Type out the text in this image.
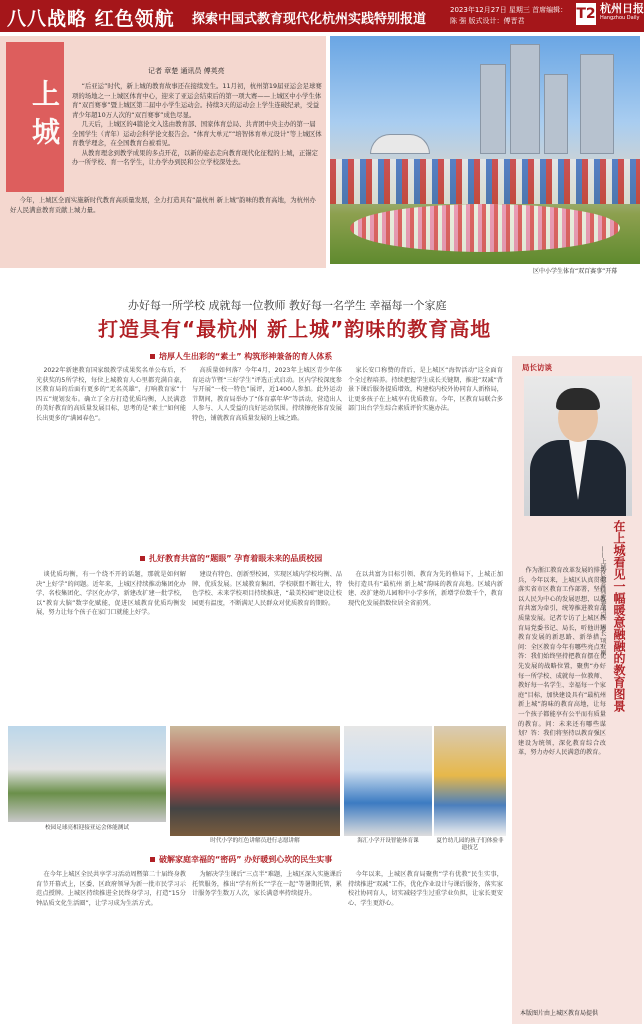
八八战略 红色领航 探索中国式教育现代化杭州实践特别报道
2023年12月27日 星期三 首席编辑：陈 强 版式设计：傅晋君	T2 杭州日报
Hangzhou Daily
上城
记者 章楚 通讯员 傅英亮

“后亚运”时代，新上城的教育故事还在接续发生。11月初，杭州第19届亚运会足球赛项的场地之一上城区体育中心，迎来了亚运会结束后的第一项大赛——上城区中小学生体育“双百赛事”暨上城区第二届中小学生运动会。持续3天的运动会上学生连破纪录，受益青少年超10万人次的“双百赛事”成色尽显。

几天后，上城区的4篇论文入选由教育部、国家体育总局、共青团中央主办的第一届全国学生（青年）运动会科学论文报告会。“体育大单元”“培智体育单元设计”等上城区体育教学理念，在全国教育台被看见。

从教育理念到教学成果的多点开花，以新的姿态走向教育现代化征程的上城，正锚定办一所学校、育一名学生，让办学办到民和公立学校深处去。

今年，上城区全面实施新时代教育高质量发展，全力打造具有“最杭州 新上城”韵味的教育高地，为杭州办好人民满意教育贡献上城力量。

区中小学生体育“双百赛事”开幕
办好每一所学校 成就每一位教师 教好每一名学生 幸福每一个家庭
打造具有“最杭州 新上城”韵味的教育高地
培厚人生出彩的“素土” 构筑形神兼备的育人体系
2022年新建教育国家级教学成果奖名单公布后，不光获奖的5所学校，每位上城教育人心里都充满自豪，区教育局的后面有更多的“无名英雄”，打响教育家“十四五”规划发布。确立了全方打造优质均衡，人民满意的美好教育的高质量发展目标，思考的是“素土”如何能长出更多的“满园春色”。
高质量如何落？今年4月，2023年上城区青少年体育运动节暨“三好学生”评选正式启动。区内学校深度参与开展“一校一特色”展评，近1400人参加。此外运动节期间，教育局举办了“体育嘉年华”等活动，营造出人人参与、人人受益的良好运动氛围。持续擦亮体育发展特色，铺就教育高质量发展的上城之路。
家长安口称赞的背后，是上城区“海智活动”这全面育个全过程培养。持续把握学生成长关键期，推进“双减”背景下课后服务提质增效，构建校内校外协同育人新格局，让更多孩子在上城享有优质教育。今年，区教育局联合多部门出台学生综合素质评价实施办法。
扎好教育共富的“题眼” 孕育着眼未来的品质校园
谈优质均衡，有一个绕不开的话题，那就是如何解决“上好学”的问题。近年来，上城区持续推动集团化办学、名校集团化、学区化办学，新建改扩建一批学校，以“教育大脑”数字化赋能，促进区域教育优质均衡发展，努力让每个孩子在家门口就能上好学。
建设有特色、创新型校园，实现区域内学校均衡、品牌、优质发展。区域教育集团、学校联盟不断壮大，特色学校、未来学校项目持续推进，“最美校园”建设让校园更有温度，不断满足人民群众对优质教育的期盼。
在以共富为目标引领、教育为先的格局下，上城正加快打造具有“最杭州 新上城”韵味的教育高地。区域内新建、改扩建幼儿园和中小学多所，新增学位数千个，教育现代化发展指数位居全省前列。
校园足球亮相迎接亚运会体能测试
时代小学的红色讲解员进行志愿讲解	海汇小学开设智能体育课	夏竹幼儿园的孩子们体验非遗技艺
破解家庭幸福的“密码” 办好暖到心坎的民生实事
在今年上城区全民共享学习活动周暨第二十届终身教育节开幕式上，区委、区政府领导为新一批市民学习示范点授牌。上城区持续推进全民终身学习，打造“15分钟品质文化生活圈”，让学习成为生活方式。
为解决学生课后“三点半”难题，上城区深入实施课后托管服务，推出“学有所长”“学在一起”等暑期托管，累计服务学生数万人次，家长满意率持续提升。
今年以来，上城区教育局聚焦“学有优教”民生实事，持续推进“双减”工作，优化作业设计与课后服务，落实家校社协同育人，切实减轻学生过重学业负担，让家长更安心、学生更舒心。
局长访谈
在上城看见一幅暖意融融的教育图景
——上城区教育局党委书记、局长 项亚刚
作为浙江教育改革发展的排头兵，今年以来，上城区认真贯彻落实省市区教育工作部署，坚持以人民为中心的发展思想，以教育共富为牵引，统筹推进教育高质量发展。记者专访了上城区教育局党委书记、局长，听他讲述教育发展的新思路、新举措。问：全区教育今年有哪些亮点？答：我们始终坚持把教育摆在优先发展的战略位置，聚焦“办好每一所学校、成就每一位教师、教好每一名学生、幸福每一个家庭”目标，加快建设具有“最杭州 新上城”韵味的教育高地，让每一个孩子都能享有公平而有质量的教育。问：未来还有哪些谋划？答：我们将坚持以教育强区建设为统领，深化教育综合改革，努力办好人民满意的教育。
本版图片由上城区教育局提供
